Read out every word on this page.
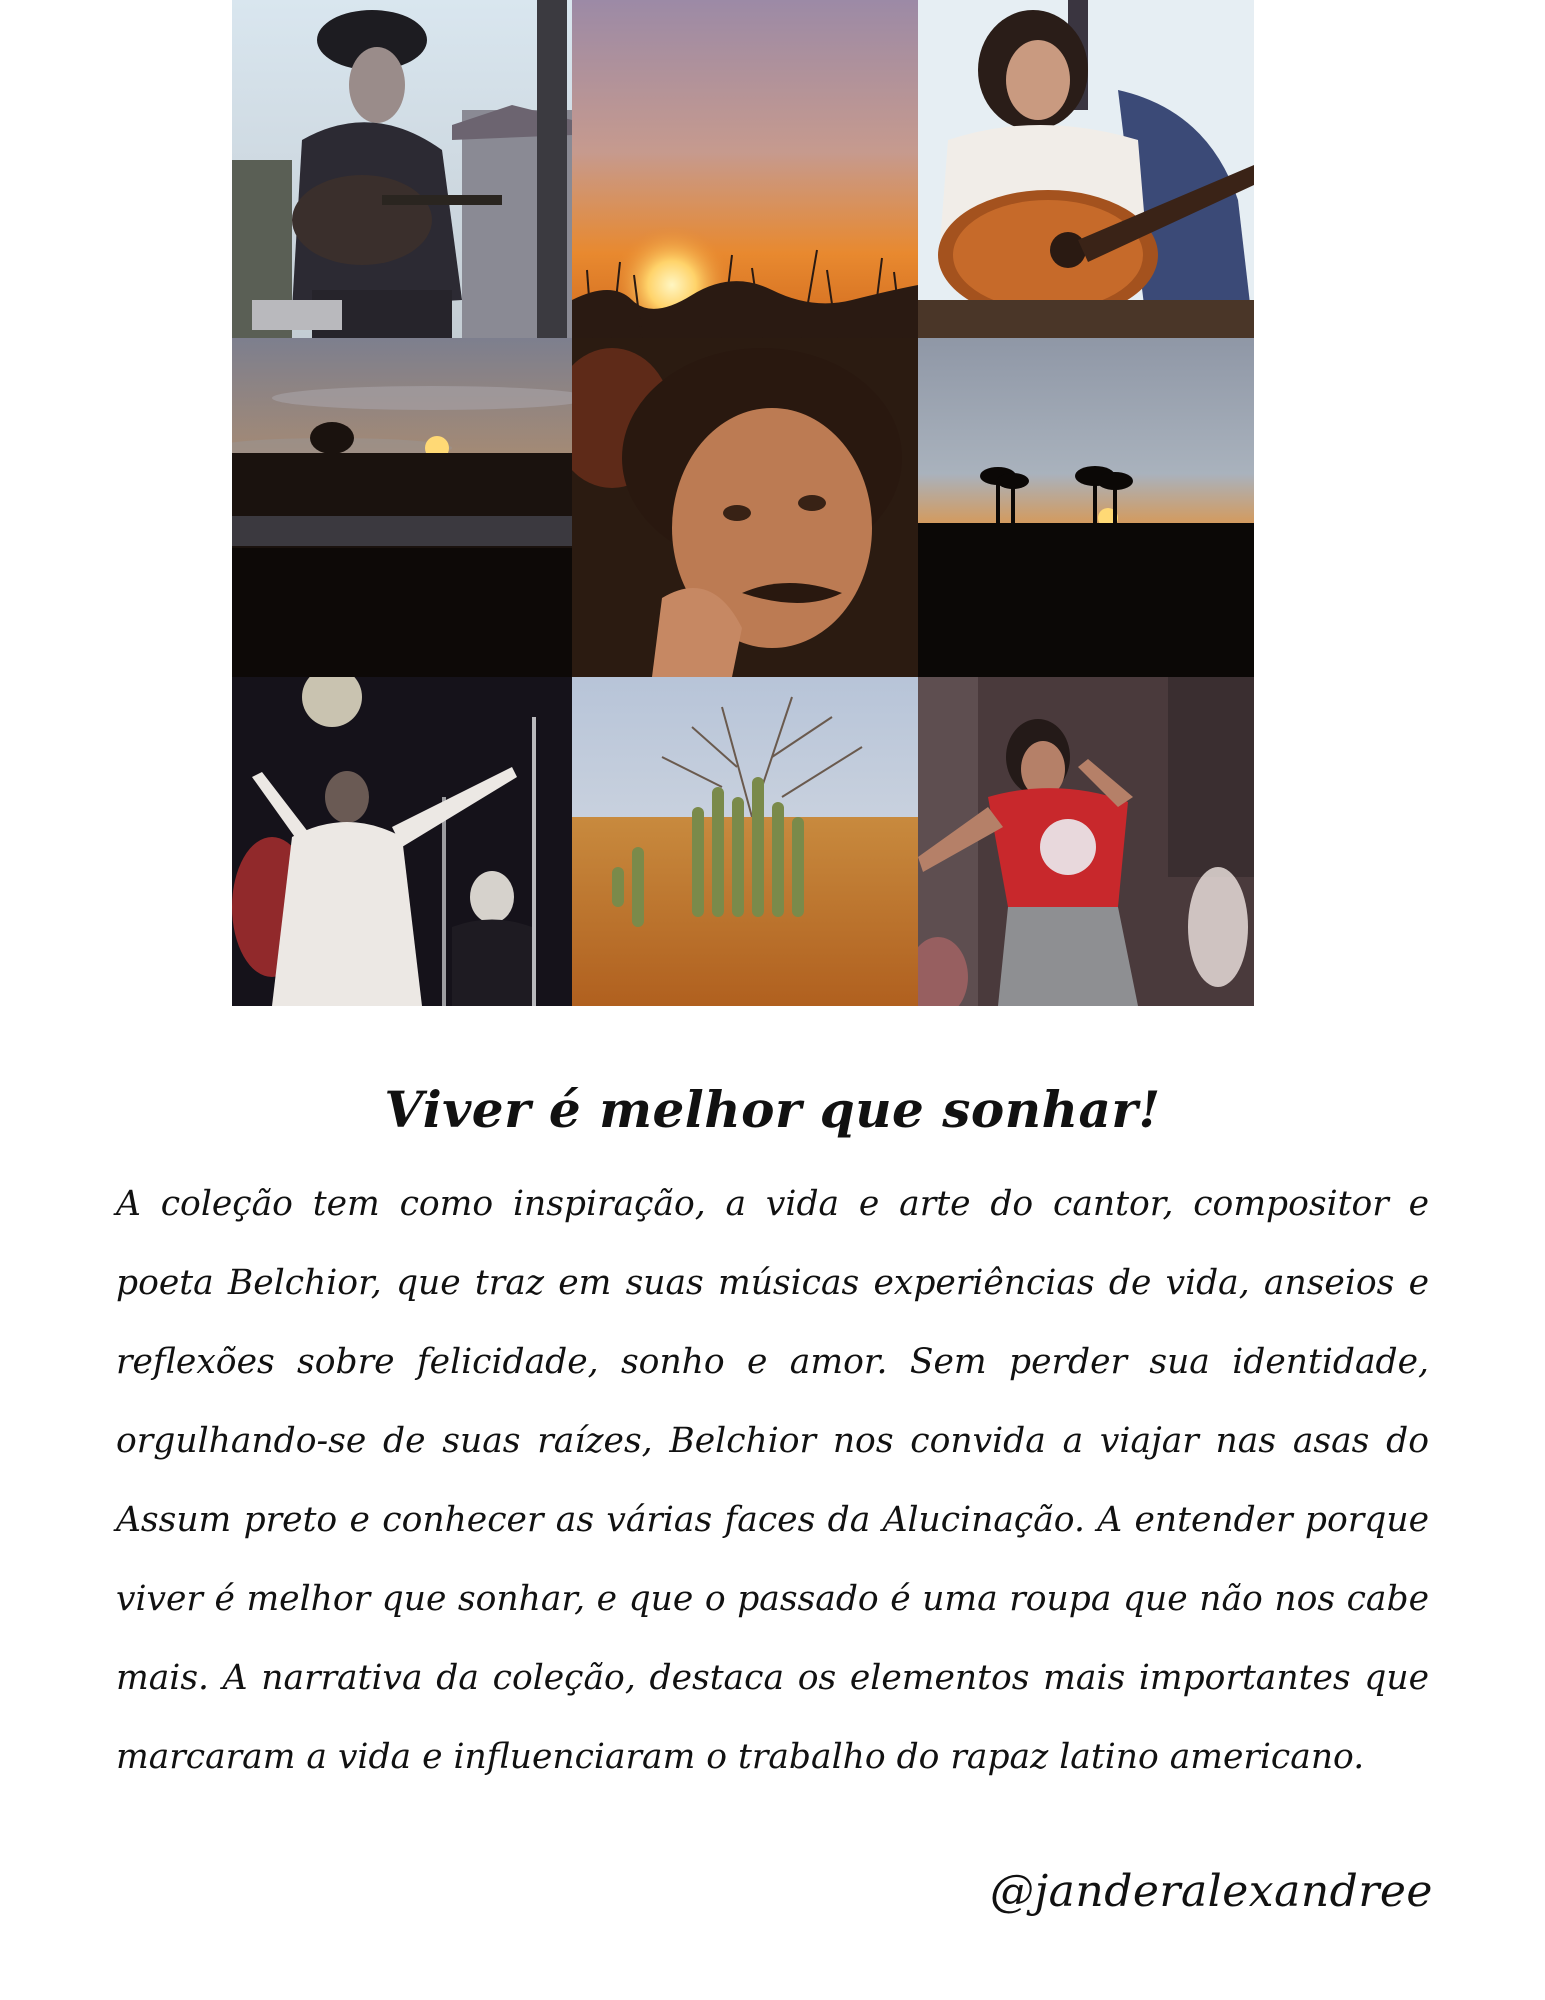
Viver é melhor que sonhar!

A coleção tem como inspiração, a vida e arte do cantor, compositor e poeta Belchior, que traz em suas músicas experiências de vida, anseios e reflexões sobre felicidade, sonho e amor. Sem perder sua identidade, orgulhando-se de suas raízes, Belchior nos convida a viajar nas asas do Assum preto e conhecer as várias faces da Alucinação. A entender porque viver é melhor que sonhar, e que o passado é uma roupa que não nos cabe mais. A narrativa da coleção, destaca os elementos mais importantes que marcaram a vida e influenciaram o trabalho do rapaz latino americano.

@janderalexandree
